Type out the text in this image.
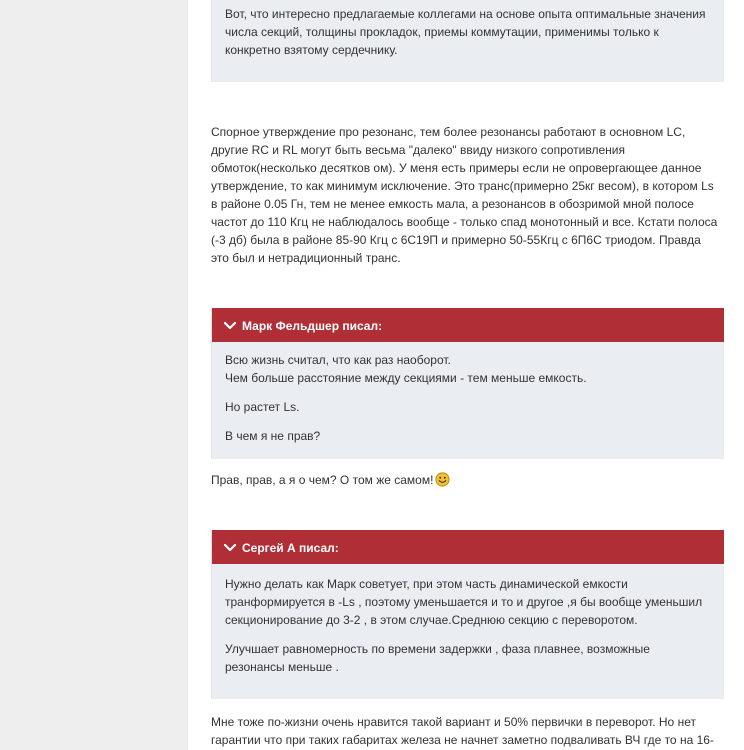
Вот, что интересно предлагаемые коллегами на основе опыта оптимальные значения числа секций, толщины прокладок, приемы коммутации, применимы только к конкретно взятому сердечнику.

Спорное утверждение про резонанс, тем более резонансы работают в основном LC, другие RC и RL могут быть весьма "далеко" ввиду низкого сопротивления обмоток(несколько десятков ом). У меня есть примеры если не опровергающее данное утверждение, то как минимум исключение. Это транс(примерно 25кг весом), в котором Ls в районе 0.05 Гн, тем не менее емкость мала, а резонансов в обозримой мной полосе частот до 110 Кгц не наблюдалось вообще - только спад монотонный и все. Кстати полоса (-3 дб) была в районе 85-90 Кгц с 6С19П и примерно 50-55Кгц с 6П6С триодом. Правда это был и нетрадиционный транс.
Марк Фельдшер писал:

Всю жизнь считал, что как раз наоборот.

Чем больше расстояние между секциями - тем меньше емкость.

Но растет Ls.

В чем я не прав?

Прав, прав, а я о чем? О том же самом!
Сергей А писал:

Нужно делать как Марк советует, при этом часть динамической емкости транформируется в -Ls , поэтому уменьшается и то и другое ,я бы вообще уменьшил секционирование до 3-2 , в этом случае.Среднюю секцию с переворотом.

Улучшает равномерность по времени задержки , фаза плавнее, возможные резонансы меньше .

Мне тоже по-жизни очень нравится такой вариант и 50% первички в переворот. Но нет гарантии что при таких габаритах железа не начнет заметно подваливать ВЧ где то на 16-
